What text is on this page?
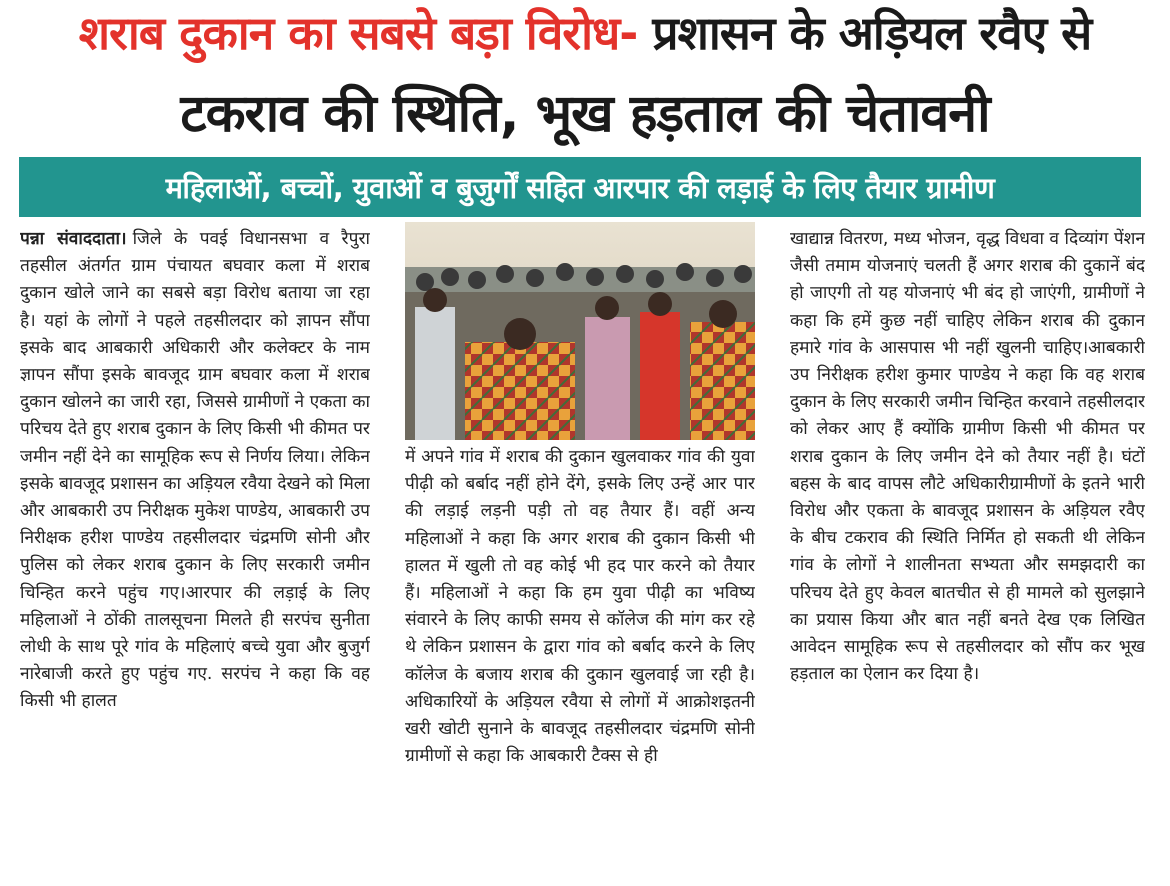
शराब दुकान का सबसे बड़ा विरोध- प्रशासन के अड़ियल रवैए से
टकराव की स्थिति, भूख हड़ताल की चेतावनी
महिलाओं, बच्चों, युवाओं व बुजुर्गों सहित आरपार की लड़ाई के लिए तैयार ग्रामीण
पन्ना संवाददाता। जिले के पवई विधानसभा व रैपुरा तहसील अंतर्गत ग्राम पंचायत बघवार कला में शराब दुकान खोले जाने का सबसे बड़ा विरोध बताया जा रहा है। यहां के लोगों ने पहले तहसीलदार को ज्ञापन सौंपा इसके बाद आबकारी अधिकारी और कलेक्टर के नाम ज्ञापन सौंपा इसके बावजूद ग्राम बघवार कला में शराब दुकान खोलने का जारी रहा, जिससे ग्रामीणों ने एकता का परिचय देते हुए शराब दुकान के लिए किसी भी कीमत पर जमीन नहीं देने का सामूहिक रूप से निर्णय लिया। लेकिन इसके बावजूद प्रशासन का अड़ियल रवैया देखने को मिला और आबकारी उप निरीक्षक मुकेश पाण्डेय, आबकारी उप निरीक्षक हरीश पाण्डेय तहसीलदार चंद्रमणि सोनी और पुलिस को लेकर शराब दुकान के लिए सरकारी जमीन चिन्हित करने पहुंच गए।आरपार की लड़ाई के लिए महिलाओं ने ठोंकी तालसूचना मिलते ही सरपंच सुनीता लोधी के साथ पूरे गांव के महिलाएं बच्चे युवा और बुजुर्ग नारेबाजी करते हुए पहुंच गए. सरपंच ने कहा कि वह किसी भी हालत
में अपने गांव में शराब की दुकान खुलवाकर गांव की युवा पीढ़ी को बर्बाद नहीं होने देंगे, इसके लिए उन्हें आर पार की लड़ाई लड़नी पड़ी तो वह तैयार हैं। वहीं अन्य महिलाओं ने कहा कि अगर शराब की दुकान किसी भी हालत में खुली तो वह कोई भी हद पार करने को तैयार हैं। महिलाओं ने कहा कि हम युवा पीढ़ी का भविष्य संवारने के लिए काफी समय से कॉलेज की मांग कर रहे थे लेकिन प्रशासन के द्वारा गांव को बर्बाद करने के लिए कॉलेज के बजाय शराब की दुकान खुलवाई जा रही है।अधिकारियों के अड़ियल रवैया से लोगों में आक्रोशइतनी खरी खोटी सुनाने के बावजूद तहसीलदार चंद्रमणि सोनी ग्रामीणों से कहा कि आबकारी टैक्स से ही
खाद्यान्न वितरण, मध्य भोजन, वृद्ध विधवा व दिव्यांग पेंशन जैसी तमाम योजनाएं चलती हैं अगर शराब की दुकानें बंद हो जाएगी तो यह योजनाएं भी बंद हो जाएंगी, ग्रामीणों ने कहा कि हमें कुछ नहीं चाहिए लेकिन शराब की दुकान हमारे गांव के आसपास भी नहीं खुलनी चाहिए।आबकारी उप निरीक्षक हरीश कुमार पाण्डेय ने कहा कि वह शराब दुकान के लिए सरकारी जमीन चिन्हित करवाने तहसीलदार को लेकर आए हैं क्योंकि ग्रामीण किसी भी कीमत पर शराब दुकान के लिए जमीन देने को तैयार नहीं है। घंटों बहस के बाद वापस लौटे अधिकारीग्रामीणों के इतने भारी विरोध और एकता के बावजूद प्रशासन के अड़ियल रवैए के बीच टकराव की स्थिति निर्मित हो सकती थी लेकिन गांव के लोगों ने शालीनता सभ्यता और समझदारी का परिचय देते हुए केवल बातचीत से ही मामले को सुलझाने का प्रयास किया और बात नहीं बनते देख एक लिखित आवेदन सामूहिक रूप से तहसीलदार को सौंप कर भूख हड़ताल का ऐलान कर दिया है।
